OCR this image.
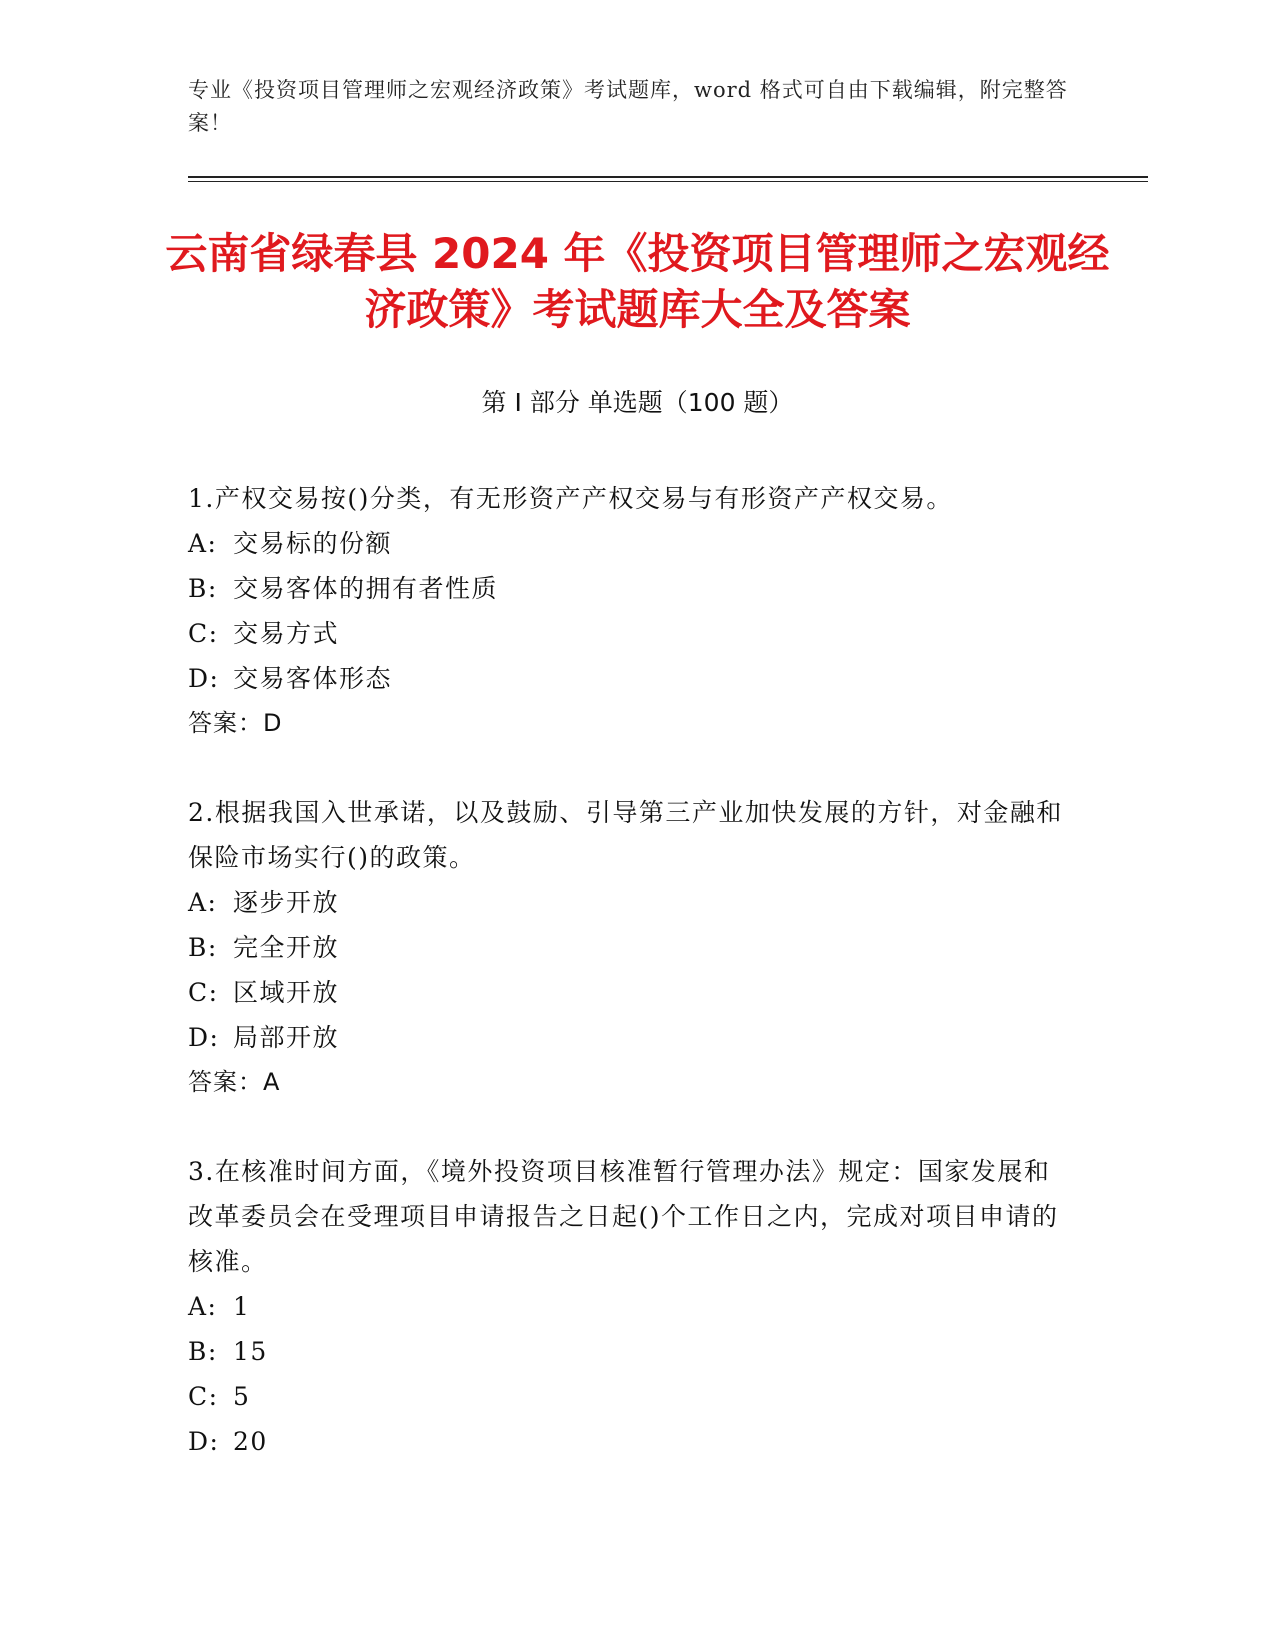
专业《投资项目管理师之宏观经济政策》考试题库，word 格式可自由下载编辑，附完整答案！
云南省绿春县 2024 年《投资项目管理师之宏观经济政策》考试题库大全及答案
第 I 部分 单选题（100 题）
1.产权交易按()分类，有无形资产产权交易与有形资产产权交易。
A: 交易标的份额
B: 交易客体的拥有者性质
C: 交易方式
D: 交易客体形态
答案：D
2.根据我国入世承诺，以及鼓励、引导第三产业加快发展的方针，对金融和保险市场实行()的政策。
A: 逐步开放
B: 完全开放
C: 区域开放
D: 局部开放
答案：A
3.在核准时间方面，《境外投资项目核准暂行管理办法》规定：国家发展和改革委员会在受理项目申请报告之日起()个工作日之内，完成对项目申请的核准。
A: 1
B: 15
C: 5
D: 20
